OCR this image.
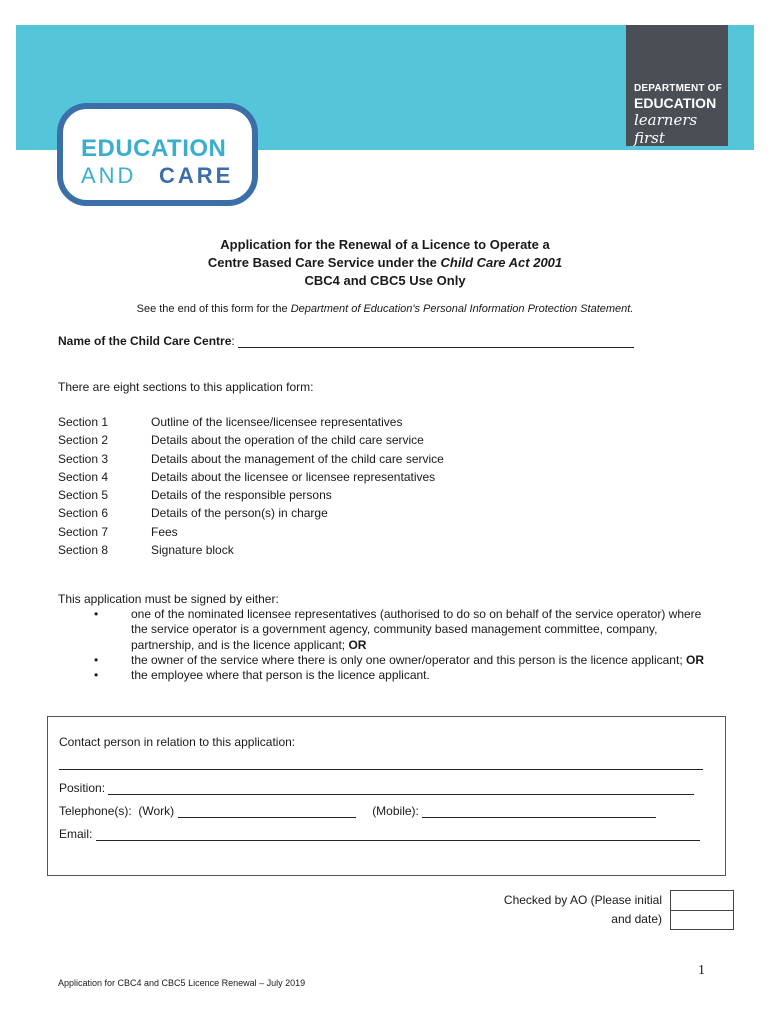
DEPARTMENT OF
EDUCATION
learners first
EDUCATION
AND CARE
Application for the Renewal of a Licence to Operate a
Centre Based Care Service under the Child Care Act 2001
CBC4 and CBC5 Use Only
See the end of this form for the Department of Education's Personal Information Protection Statement.
Name of the Child Care Centre:
There are eight sections to this application form:
Section 1	Outline of the licensee/licensee representatives
Section 2	Details about the operation of the child care service
Section 3	Details about the management of the child care service
Section 4	Details about the licensee or licensee representatives
Section 5	Details of the responsible persons
Section 6	Details of the person(s) in charge
Section 7	Fees
Section 8	Signature block
This application must be signed by either:
•	one of the nominated licensee representatives (authorised to do so on behalf of the service operator) where the service operator is a government agency, community based management committee, company, partnership, and is the licence applicant; OR
•	the owner of the service where there is only one owner/operator and this person is the licence applicant; OR
•	the employee where that person is the licence applicant.
Contact person in relation to this application:

Position:
Telephone(s): (Work)	(Mobile):
Email:
Checked by AO (Please initial
and date)
1
Application for CBC4 and CBC5 Licence Renewal – July 2019
